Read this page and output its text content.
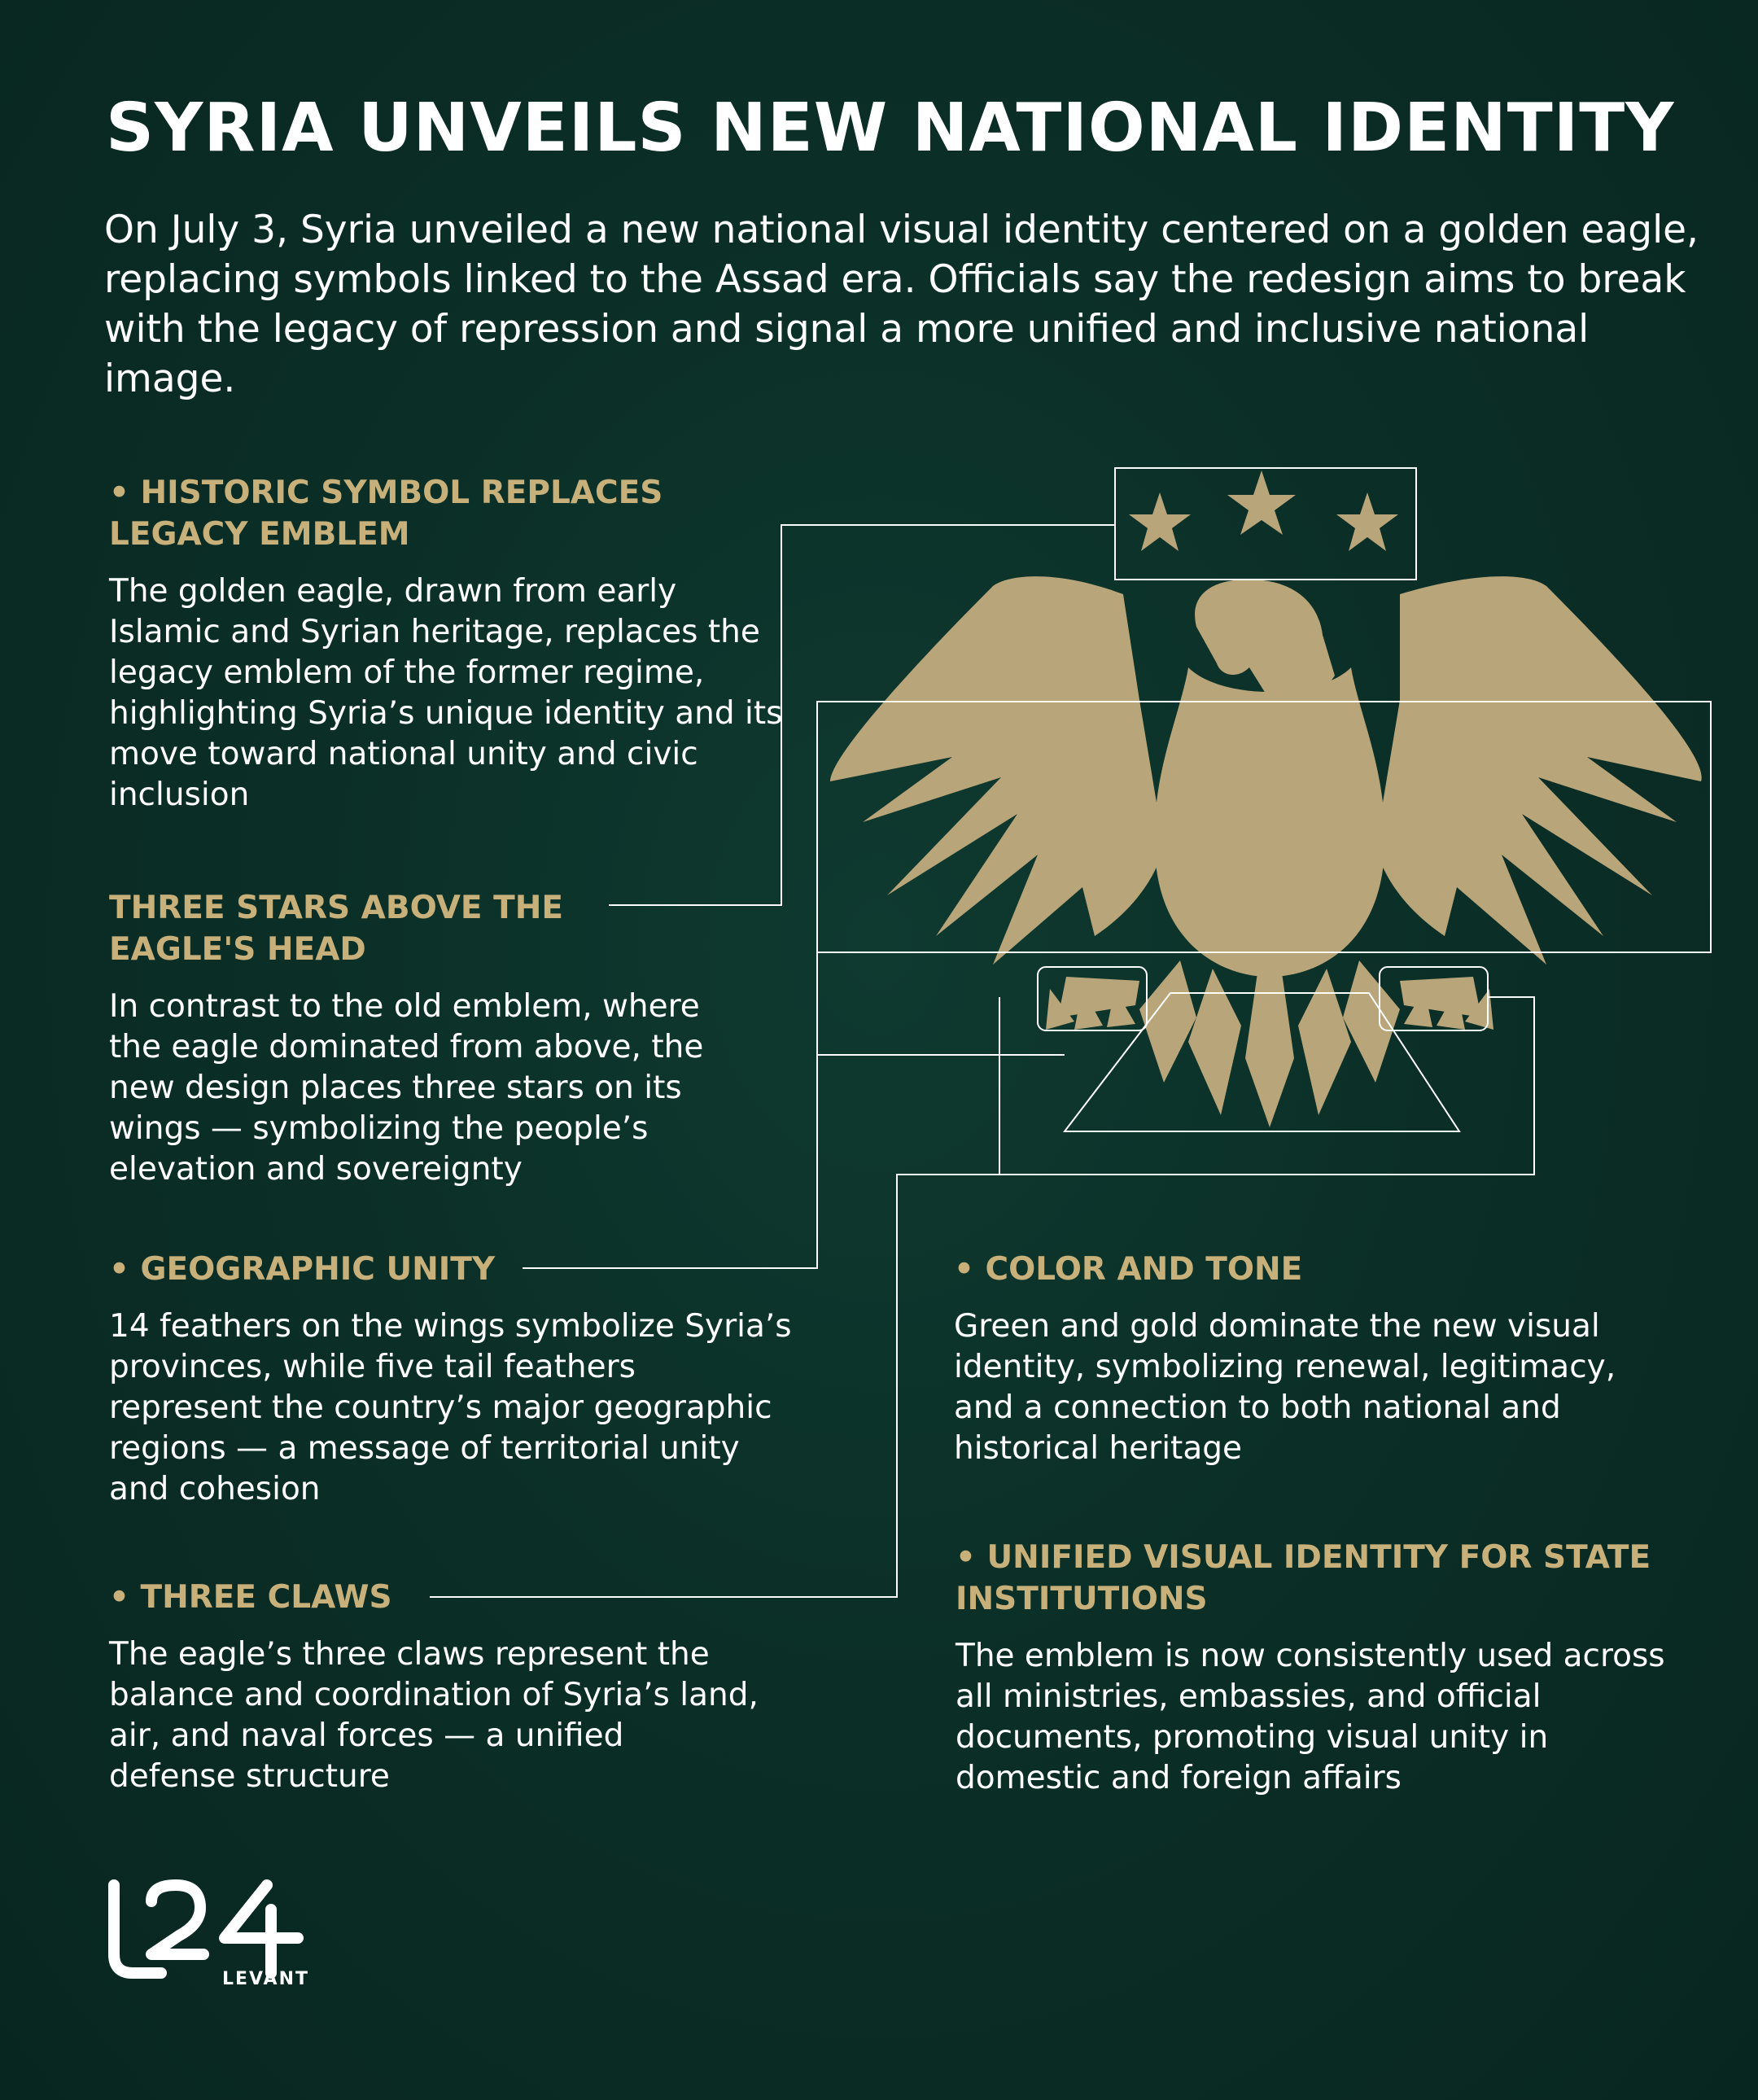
SYRIA UNVEILS NEW NATIONAL IDENTITY

On July 3, Syria unveiled a new national visual identity centered on a golden eagle, replacing symbols linked to the Assad era. Officials say the redesign aims to break with the legacy of repression and signal a more unified and inclusive national image.

• HISTORIC SYMBOL REPLACES LEGACY EMBLEM

The golden eagle, drawn from early Islamic and Syrian heritage, replaces the legacy emblem of the former regime, highlighting Syria’s unique identity and its move toward national unity and civic inclusion

THREE STARS ABOVE THE EAGLE'S HEAD

In contrast to the old emblem, where the eagle dominated from above, the new design places three stars on its wings — symbolizing the people’s elevation and sovereignty

• GEOGRAPHIC UNITY

14 feathers on the wings symbolize Syria’s provinces, while five tail feathers represent the country’s major geographic regions — a message of territorial unity and cohesion

• THREE CLAWS

The eagle’s three claws represent the balance and coordination of Syria’s land, air, and naval forces — a unified defense structure

• COLOR AND TONE

Green and gold dominate the new visual identity, symbolizing renewal, legitimacy, and a connection to both national and historical heritage

• UNIFIED VISUAL IDENTITY FOR STATE INSTITUTIONS

The emblem is now consistently used across all ministries, embassies, and official documents, promoting visual unity in domestic and foreign affairs

LEVANT
